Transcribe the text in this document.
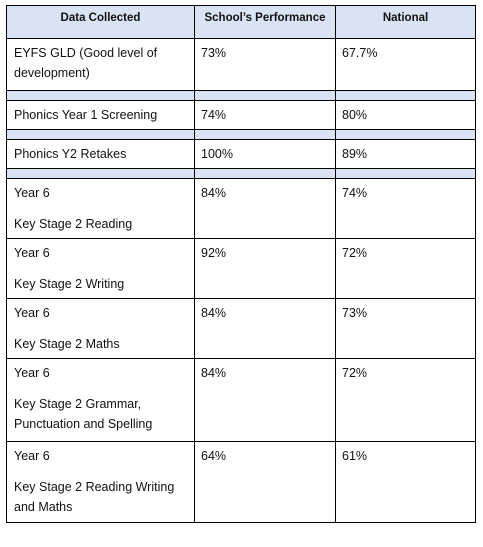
Data Collected	School’s Performance	National
EYFS GLD (Good level of development)	73%	67.7%

Phonics Year 1 Screening	74%	80%

Phonics Y2 Retakes	100%	89%

Year 6
Key Stage 2 Reading	84%	74%
Year 6
Key Stage 2 Writing	92%	72%
Year 6
Key Stage 2 Maths	84%	73%
Year 6
Key Stage 2 Grammar, Punctuation and Spelling	84%	72%
Year 6
Key Stage 2 Reading Writing and Maths	64%	61%
